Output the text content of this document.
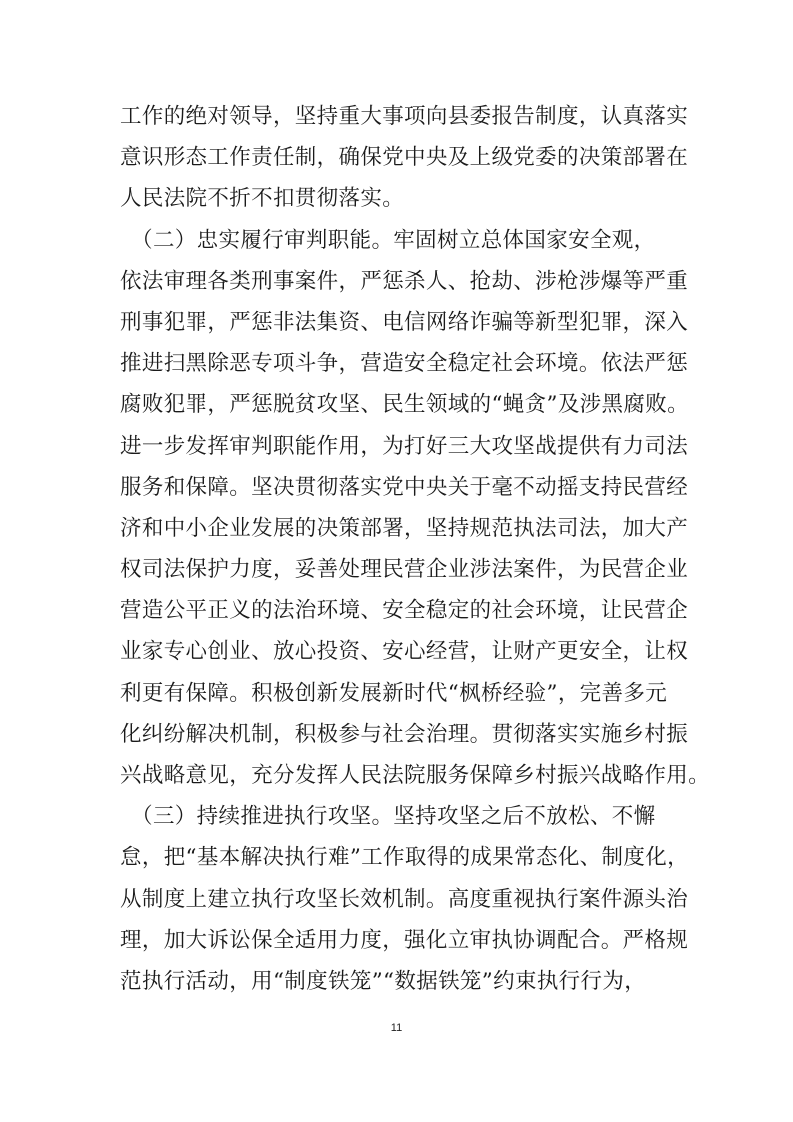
工作的绝对领导，坚持重大事项向县委报告制度，认真落实
意识形态工作责任制，确保党中央及上级党委的决策部署在
人民法院不折不扣贯彻落实。
　（二）忠实履行审判职能。牢固树立总体国家安全观，
依法审理各类刑事案件，严惩杀人、抢劫、涉枪涉爆等严重
刑事犯罪，严惩非法集资、电信网络诈骗等新型犯罪，深入
推进扫黑除恶专项斗争，营造安全稳定社会环境。依法严惩
腐败犯罪，严惩脱贫攻坚、民生领域的“蝇贪”及涉黑腐败。
进一步发挥审判职能作用，为打好三大攻坚战提供有力司法
服务和保障。坚决贯彻落实党中央关于毫不动摇支持民营经
济和中小企业发展的决策部署，坚持规范执法司法，加大产
权司法保护力度，妥善处理民营企业涉法案件，为民营企业
营造公平正义的法治环境、安全稳定的社会环境，让民营企
业家专心创业、放心投资、安心经营，让财产更安全，让权
利更有保障。积极创新发展新时代“枫桥经验”，完善多元
化纠纷解决机制，积极参与社会治理。贯彻落实实施乡村振
兴战略意见，充分发挥人民法院服务保障乡村振兴战略作用。
　（三）持续推进执行攻坚。坚持攻坚之后不放松、不懈
怠，把“基本解决执行难”工作取得的成果常态化、制度化，
从制度上建立执行攻坚长效机制。高度重视执行案件源头治
理，加大诉讼保全适用力度，强化立审执协调配合。严格规
范执行活动，用“制度铁笼”“数据铁笼”约束执行行为，
11
